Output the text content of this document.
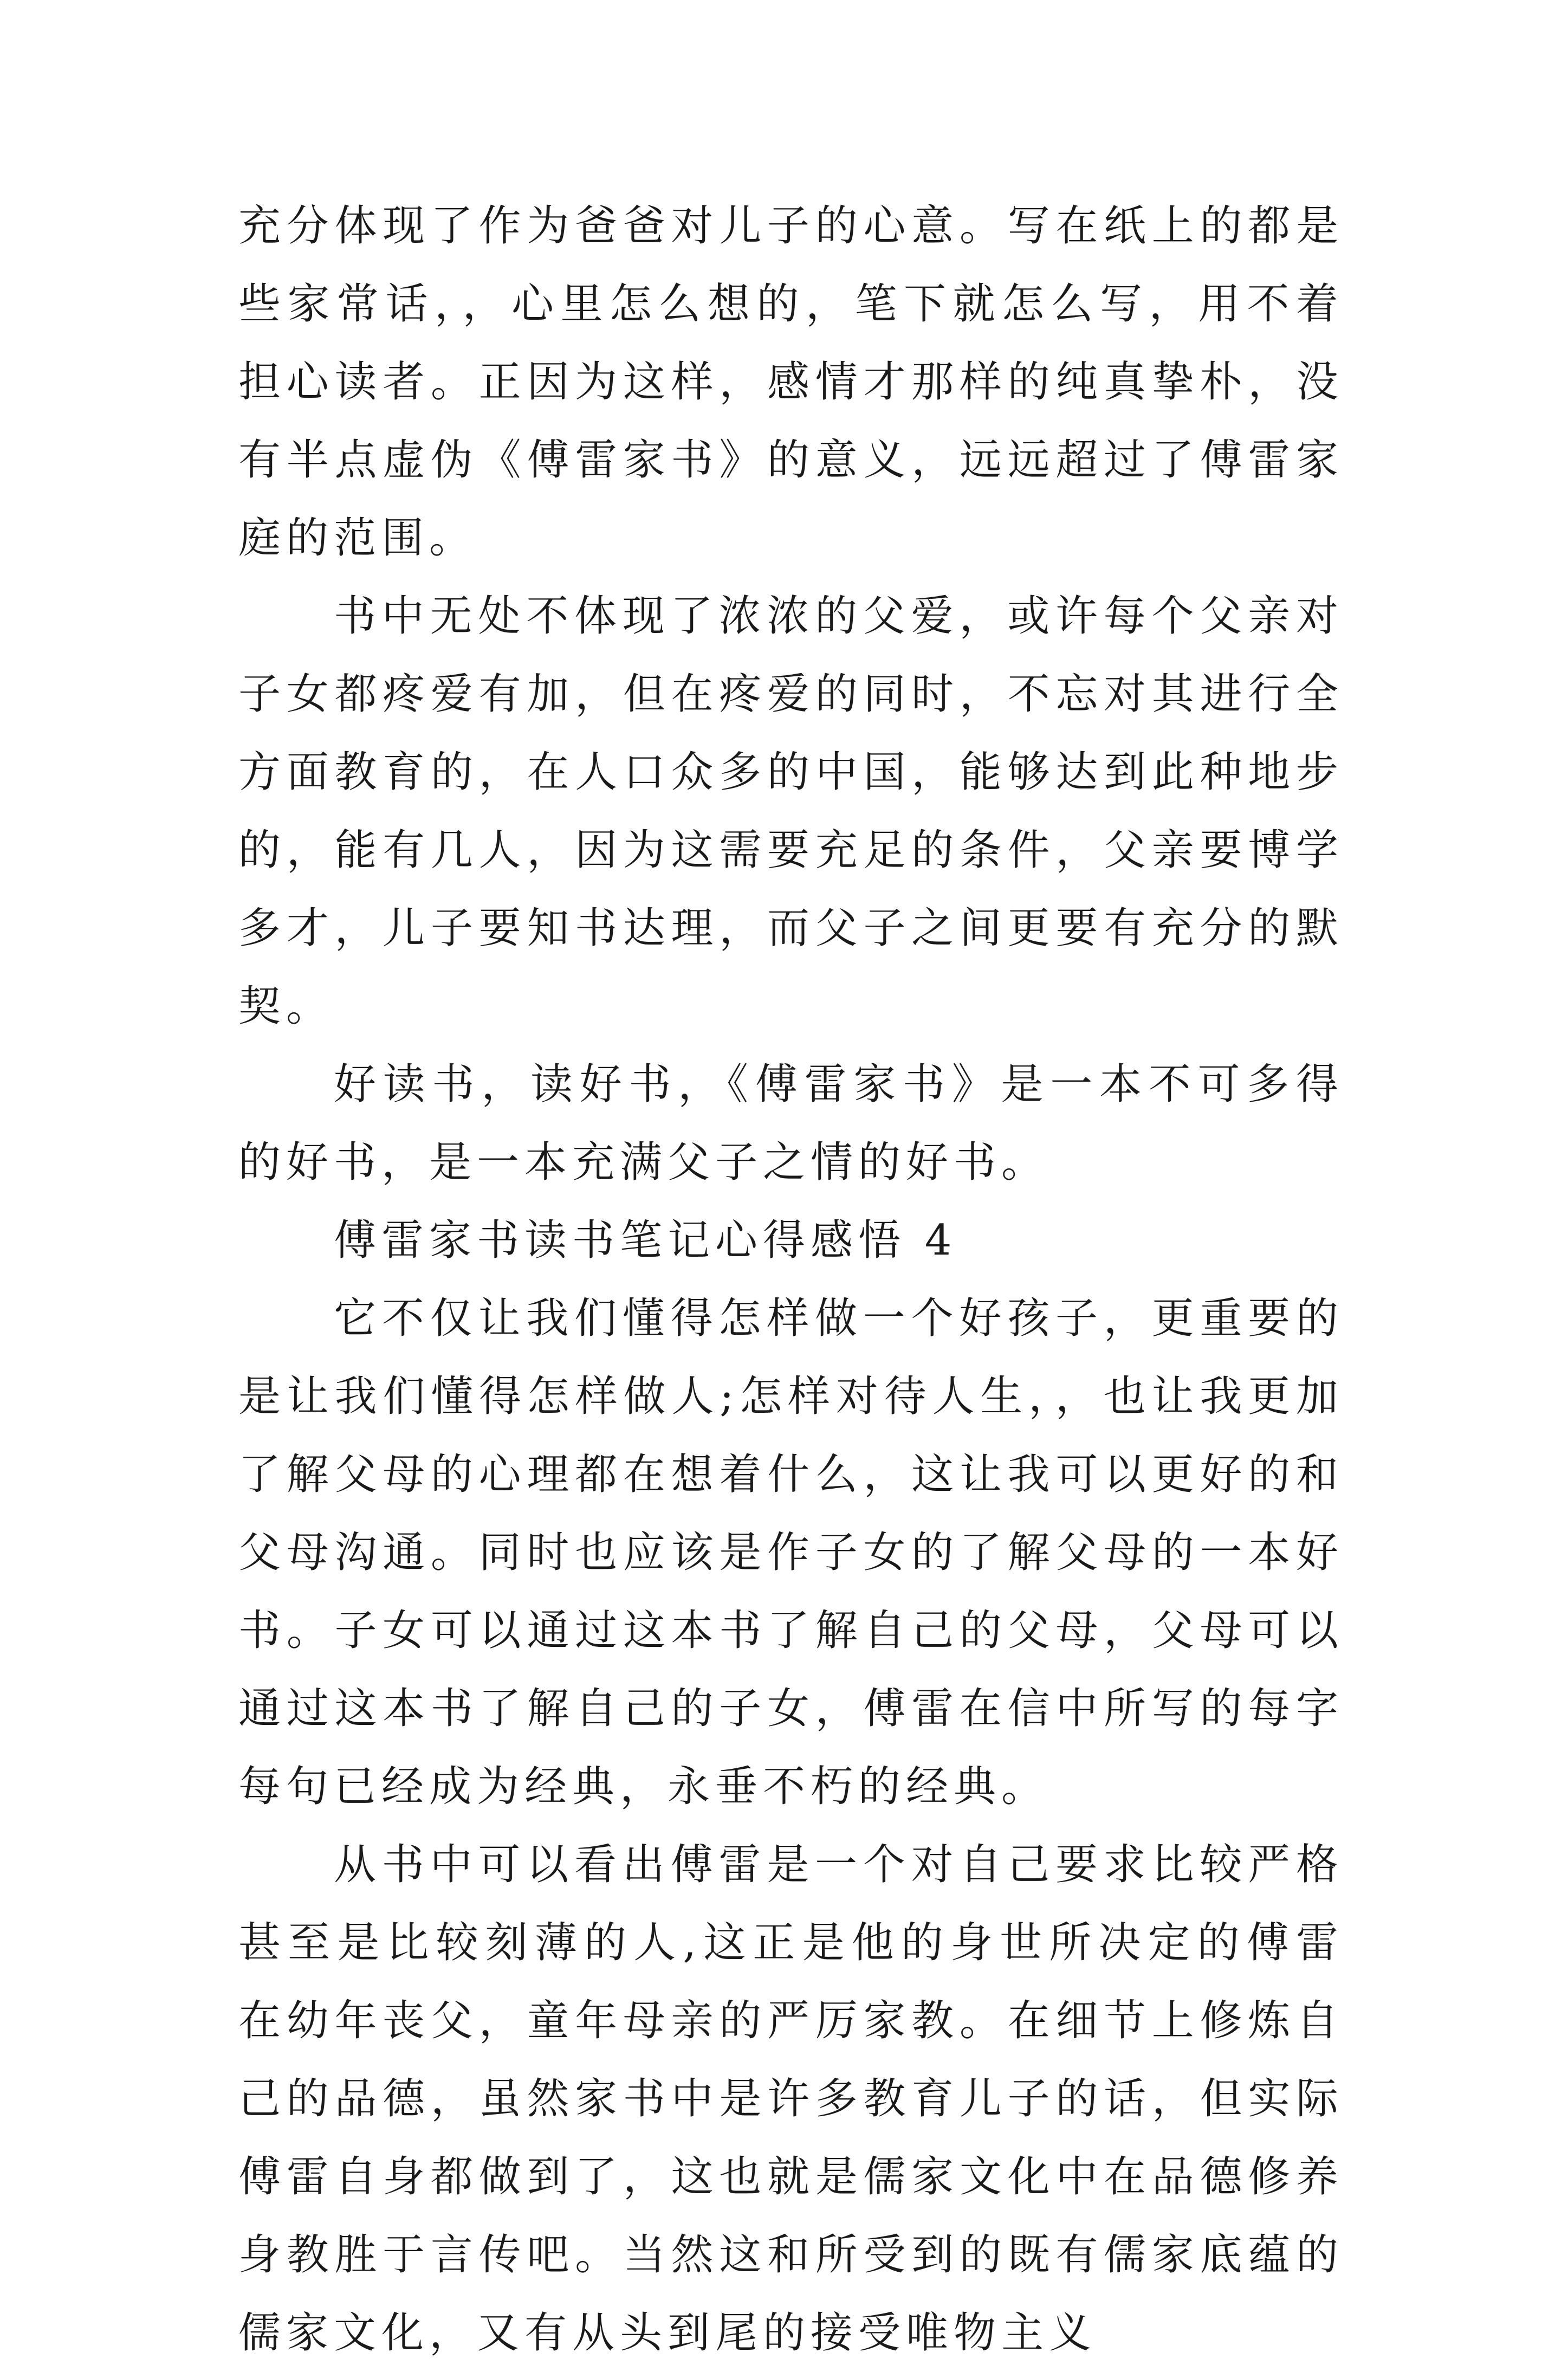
充分体现了作为爸爸对儿子的心意。写在纸上的都是些家常话，，心里怎么想的，笔下就怎么写，用不着担心读者。正因为这样，感情才那样的纯真挚朴，没有半点虚伪《傅雷家书》的意义，远远超过了傅雷家庭的范围。

书中无处不体现了浓浓的父爱，或许每个父亲对子女都疼爱有加，但在疼爱的同时，不忘对其进行全方面教育的，在人口众多的中国，能够达到此种地步的，能有几人，因为这需要充足的条件，父亲要博学多才，儿子要知书达理，而父子之间更要有充分的默契。

好读书，读好书，《傅雷家书》是一本不可多得的好书，是一本充满父子之情的好书。

傅雷家书读书笔记心得感悟 4

它不仅让我们懂得怎样做一个好孩子，更重要的是让我们懂得怎样做人;怎样对待人生，，也让我更加了解父母的心理都在想着什么，这让我可以更好的和父母沟通。同时也应该是作子女的了解父母的一本好书。子女可以通过这本书了解自己的父母，父母可以通过这本书了解自己的子女，傅雷在信中所写的每字每句已经成为经典，永垂不朽的经典。

从书中可以看出傅雷是一个对自己要求比较严格甚至是比较刻薄的人,这正是他的身世所决定的傅雷在幼年丧父，童年母亲的严厉家教。在细节上修炼自己的品德，虽然家书中是许多教育儿子的话，但实际傅雷自身都做到了，这也就是儒家文化中在品德修养身教胜于言传吧。当然这和所受到的既有儒家底蕴的儒家文化，又有从头到尾的接受唯物主义
